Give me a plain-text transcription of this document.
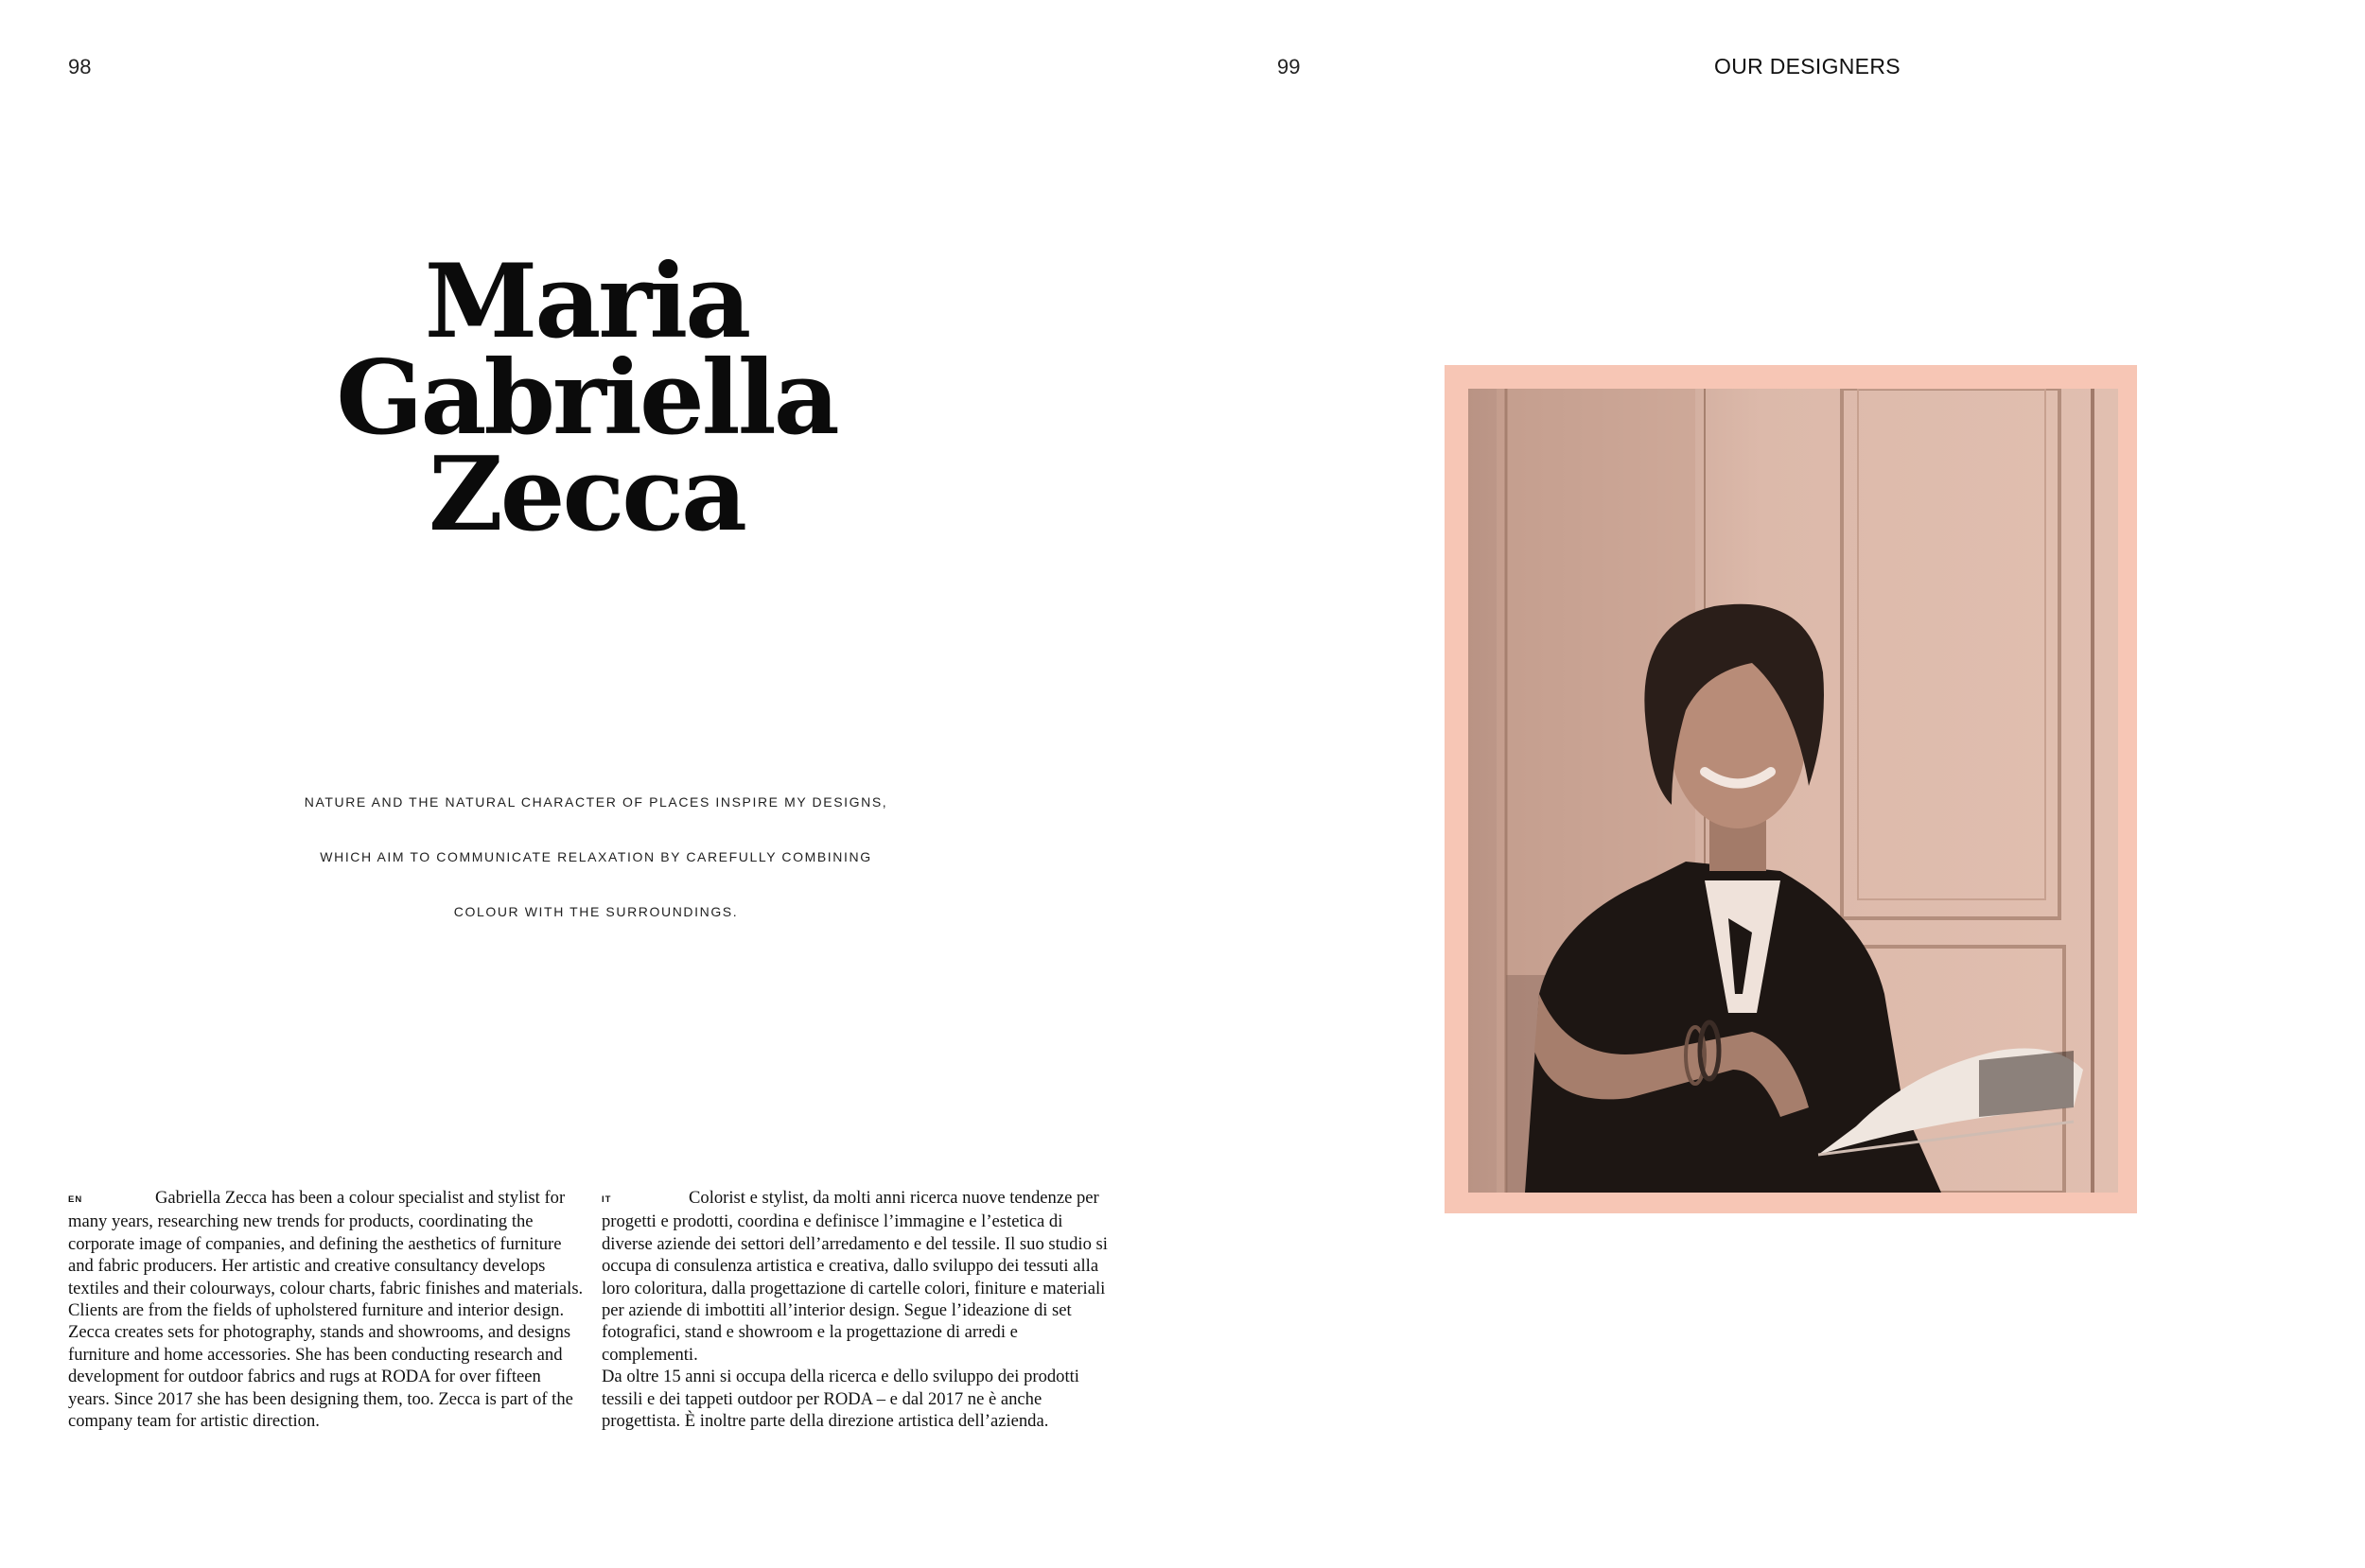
98
Maria
Gabriella
Zecca
NATURE AND THE NATURAL CHARACTER OF PLACES INSPIRE MY DESIGNS,
WHICH AIM TO COMMUNICATE RELAXATION BY CAREFULLY COMBINING
COLOUR WITH THE SURROUNDINGS.
EN	Gabriella Zecca has been a colour specialist and stylist for many years, researching new trends for products, coordinating the corporate image of companies, and defining the aesthetics of furniture and fabric producers. Her artistic and creative consultancy develops textiles and their colourways, colour charts, fabric finishes and materials. Clients are from the fields of upholstered furniture and interior design. Zecca creates sets for photography, stands and showrooms, and designs furniture and home accessories. She has been conducting research and development for outdoor fabrics and rugs at RODA for over fifteen years. Since 2017 she has been designing them, too. Zecca is part of the company team for artistic direction.
IT	Colorist e stylist, da molti anni ricerca nuove tendenze per progetti e prodotti, coordina e definisce l’immagine e l’estetica di diverse aziende dei settori dell’arredamento e del tessile. Il suo studio si occupa di consulenza artistica e creativa, dallo sviluppo dei tessuti alla loro coloritura, dalla progettazione di cartelle colori, finiture e materiali per aziende di imbottiti all’interior design. Segue l’ideazione di set fotografici, stand e showroom e la progettazione di arredi e complementi.
Da oltre 15 anni si occupa della ricerca e dello sviluppo dei prodotti tessili e dei tappeti outdoor per RODA – e dal 2017 ne è anche progettista. È inoltre parte della direzione artistica dell’azienda.
99	OUR DESIGNERS
